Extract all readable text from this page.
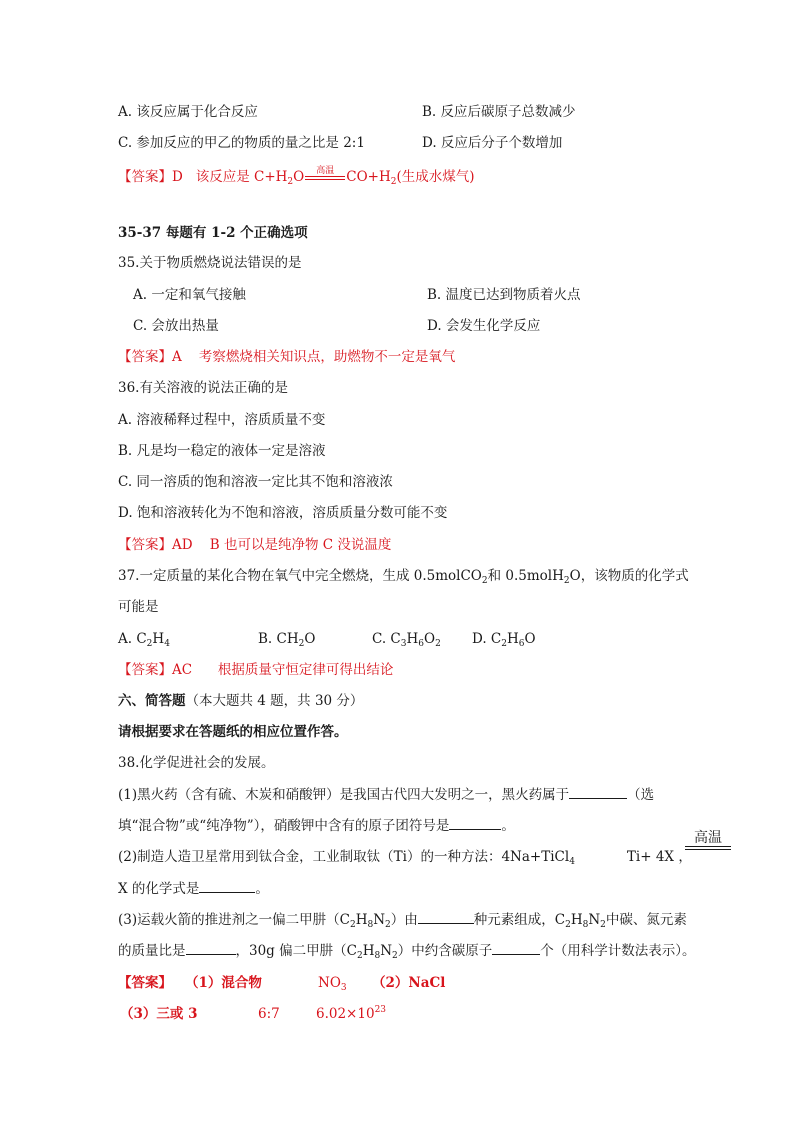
A. 该反应属于化合反应	B. 反应后碳原子总数减少
C. 参加反应的甲乙的物质的量之比是 2:1	D. 反应后分子个数增加
【答案】D 该反应是 $C+H_2O$	高温 $CO+H_2$(生成水煤气)
35-37 每题有 1-2 个正确选项
35.关于物质燃烧说法错误的是
A. 一定和氧气接触	B. 温度已达到物质着火点
C. 会放出热量	D. 会发生化学反应
【答案】A 考察燃烧相关知识点，助燃物不一定是氧气
36.有关溶液的说法正确的是
A. 溶液稀释过程中，溶质质量不变
B. 凡是均一稳定的液体一定是溶液
C. 同一溶质的饱和溶液一定比其不饱和溶液浓
D. 饱和溶液转化为不饱和溶液，溶质质量分数可能不变
【答案】AD B 也可以是纯净物 C 没说温度
37.一定质量的某化合物在氧气中完全燃烧，生成 0.5molCO$_2$和 0.5molH$_2$O，该物质的化学式
可能是
A. $C_2H_4$	B. $CH_2O$	C. $C_3H_6O_2$ D. $C_2H_6O$
【答案】AC 根据质量守恒定律可得出结论
六、简答题（本大题共 4 题，共 30 分）
请根据要求在答题纸的相应位置作答。
38.化学促进社会的发展。
(1)黑火药（含有硫、木炭和硝酸钾）是我国古代四大发明之一，黑火药属于	（选
填“混合物”或“纯净物”），硝酸钾中含有的原子团符号是	。
(2)制造人造卫星常用到钛合金，工业制取钛（Ti）的一种方法：4Na+TiCl$_4$
高温
Ti+ 4X ，
X 的化学式是	。
(3)运载火箭的推进剂之一偏二甲肼$(C_2H_8N_2)$由	种元素组成，$C_2H_8N_2$中碳、氮元素
的质量比是	，30g 偏二甲肼$(C_2H_8N_2)$中约含碳原子	个（用科学计数法表示）。
【答案】 （1）混合物	$NO_3$ （2）NaCl
（3）三或 3	6:7	$6.02\times 10^{23}$
